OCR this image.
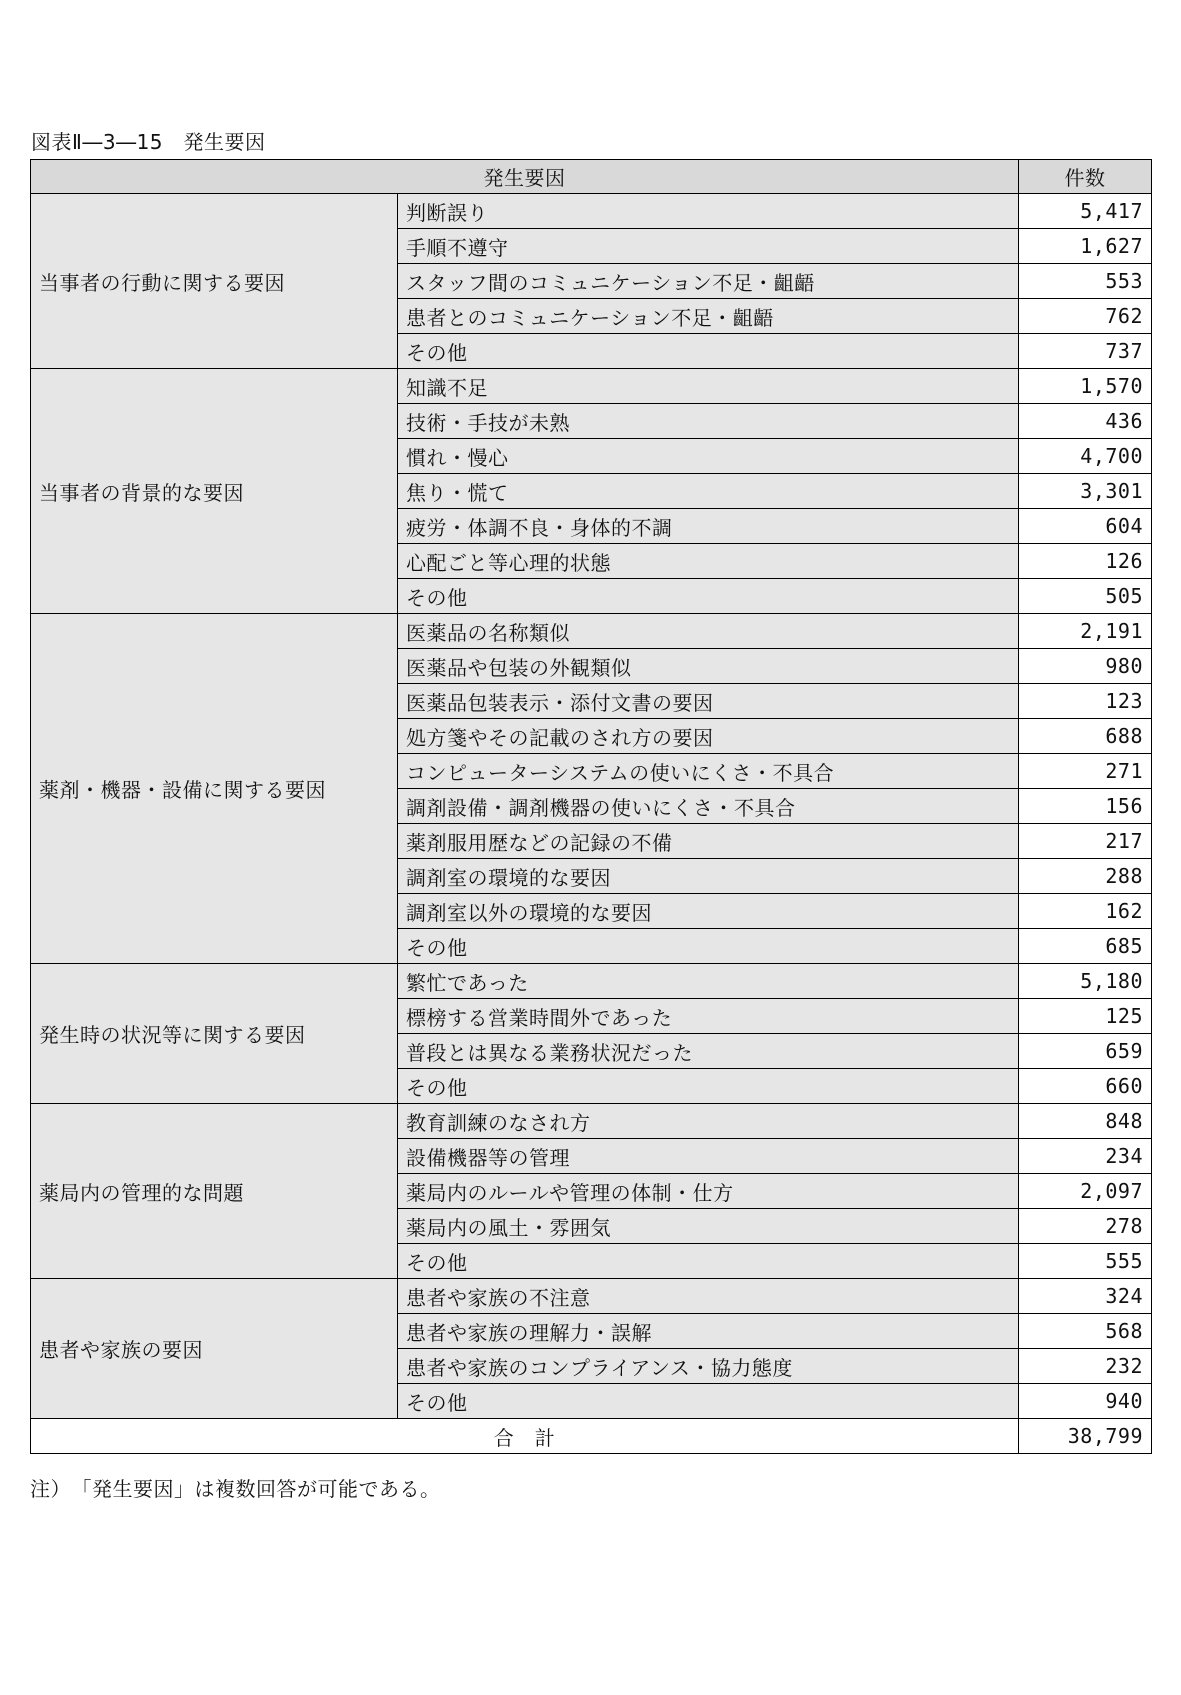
図表Ⅱ―3―15　発生要因
発生要因		件数
当事者の行動に関する要因	判断誤り	5,417
	手順不遵守	1,627
	スタッフ間のコミュニケーション不足・齟齬	553
	患者とのコミュニケーション不足・齟齬	762
	その他	737
当事者の背景的な要因	知識不足	1,570
	技術・手技が未熟	436
	慣れ・慢心	4,700
	焦り・慌て	3,301
	疲労・体調不良・身体的不調	604
	心配ごと等心理的状態	126
	その他	505
薬剤・機器・設備に関する要因	医薬品の名称類似	2,191
	医薬品や包装の外観類似	980
	医薬品包装表示・添付文書の要因	123
	処方箋やその記載のされ方の要因	688
	コンピューターシステムの使いにくさ・不具合	271
	調剤設備・調剤機器の使いにくさ・不具合	156
	薬剤服用歴などの記録の不備	217
	調剤室の環境的な要因	288
	調剤室以外の環境的な要因	162
	その他	685
発生時の状況等に関する要因	繁忙であった	5,180
	標榜する営業時間外であった	125
	普段とは異なる業務状況だった	659
	その他	660
薬局内の管理的な問題	教育訓練のなされ方	848
	設備機器等の管理	234
	薬局内のルールや管理の体制・仕方	2,097
	薬局内の風土・雰囲気	278
	その他	555
患者や家族の要因	患者や家族の不注意	324
	患者や家族の理解力・誤解	568
	患者や家族のコンプライアンス・協力態度	232
	その他	940
合　計		38,799
注）　「発生要因」は複数回答が可能である。
